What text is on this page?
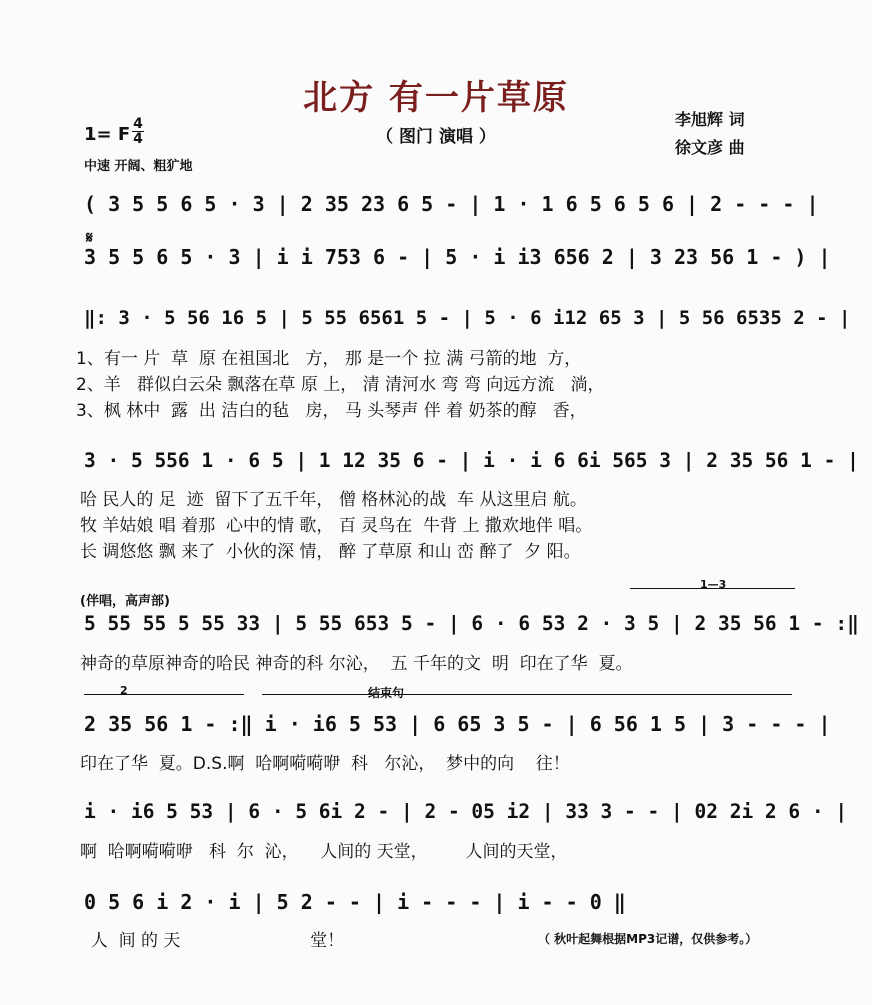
北方 有一片草原
（ 图门 演唱 ）
李旭辉 词
徐文彦 曲
1= F 4
4
中速 开阔、粗犷地
( 3 5 5 6 5 · 3 | 2 35 23 6 5 - | 1 · 1 6 5 6 5 6 | 2 - - - |
𝄋
3 5 5 6 5 · 3 | i i 753 6 - | 5 · i i3 656 2 | 3 23 56 1 - ) |
‖: 3 · 5 56 16 5 | 5 55 6561 5 - | 5 · 6 i12 65 3 | 5 56 6535 2 - |
1、有一 片  草  原 在祖国北   方， 那 是一个 拉 满 弓箭的地  方，
2、羊   群似白云朵 飘落在草 原 上， 清 清河水 弯 弯 向远方流   淌，
3、枫 林中  露  出 洁白的毡   房， 马 头琴声 伴 着 奶茶的醇   香，
3 · 5 556 1 · 6 5 | 1 12 35 6 - | i · i 6 6i 565 3 | 2 35 56 1 - |
哈 民人的 足  迹  留下了五千年， 僧 格林沁的战  车 从这里启 航。
牧 羊姑娘 唱 着那  心中的情 歌， 百 灵鸟在  牛背 上 撒欢地伴 唱。
长 调悠悠 飘 来了  小伙的深 情， 醉 了草原 和山 峦 醉了  夕 阳。
(伴唱，高声部)
1—3
5 55 55 5 55 33 | 5 55 653 5 - | 6 · 6 53 2 · 3 5 | 2 35 56 1 - :‖
神奇的草原神奇的哈民 神奇的科 尔沁，  五 千年的文  明  印在了华  夏。
2	结束句
2 35 56 1 - :‖ i · i6 5 53 | 6 65 3 5 - | 6 56 1 5 | 3 - - - |
印在了华  夏。D.S.啊  哈啊嗬嗬咿  科   尔沁，  梦中的向    往！
i · i6 5 53 | 6 · 5 6i 2 - | 2 - 05 i2 | 33 3 - - | 02 2i 2 6 · |
啊  哈啊嗬嗬咿   科  尔  沁，    人间的 天堂，       人间的天堂，
0 5 6 i 2 · i | 5 2 - - | i - - - | i - - 0 ‖
人  间 的 天                        堂！	（ 秋叶起舞根据MP3记谱，仅供参考。）
